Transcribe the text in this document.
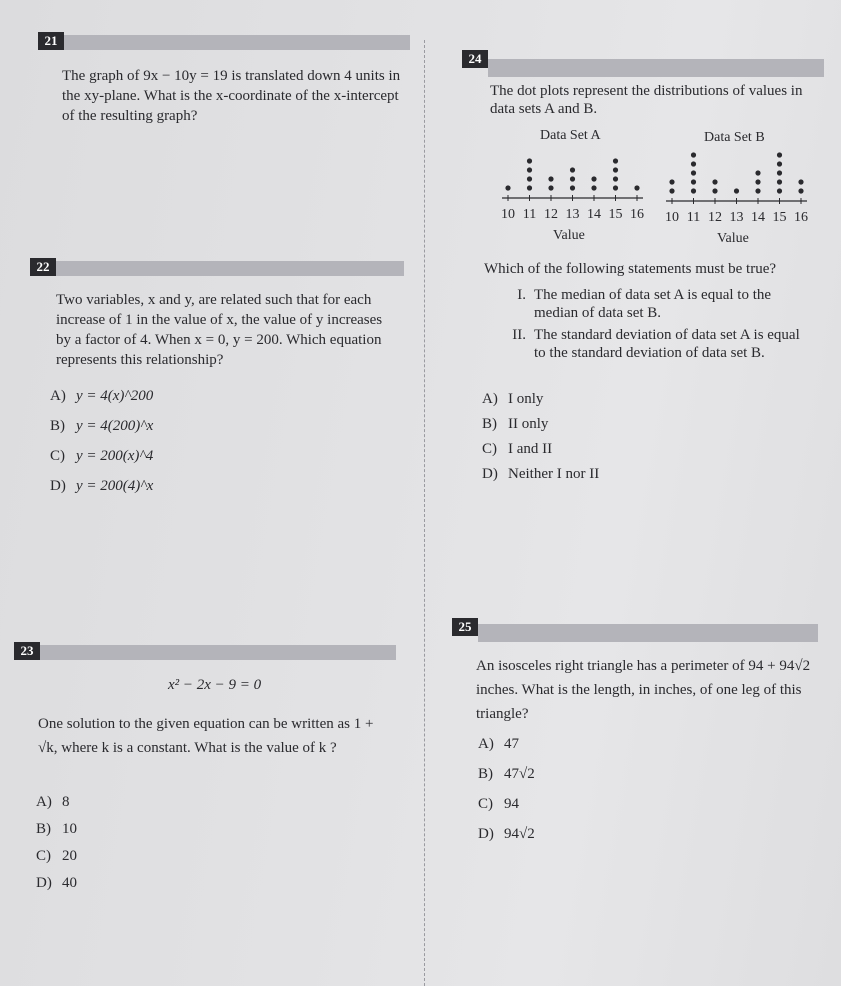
21
The graph of 9x − 10y = 19 is translated down 4 units in the xy-plane. What is the x-coordinate of the x-intercept of the resulting graph?
22
Two variables, x and y, are related such that for each increase of 1 in the value of x, the value of y increases by a factor of 4. When x = 0, y = 200. Which equation represents this relationship?
A) y = 4(x)^200
B) y = 4(200)^x
C) y = 200(x)^4
D) y = 200(4)^x
23
x² − 2x − 9 = 0
One solution to the given equation can be written as 1 + √k, where k is a constant. What is the value of k ?
A) 8
B) 10
C) 20
D) 40
24
The dot plots represent the distributions of values in data sets A and B.
Data Set A	Data Set B
10 11 12 13 14 15 16 10 11 12 13 14 15 16
Value	Value
Which of the following statements must be true?
I. The median of data set A is equal to the median of data set B.
II. The standard deviation of data set A is equal to the standard deviation of data set B.
A) I only
B) II only
C) I and II
D) Neither I nor II
25
An isosceles right triangle has a perimeter of 94 + 94√2 inches. What is the length, in inches, of one leg of this triangle?
A) 47
B) 47√2
C) 94
D) 94√2
